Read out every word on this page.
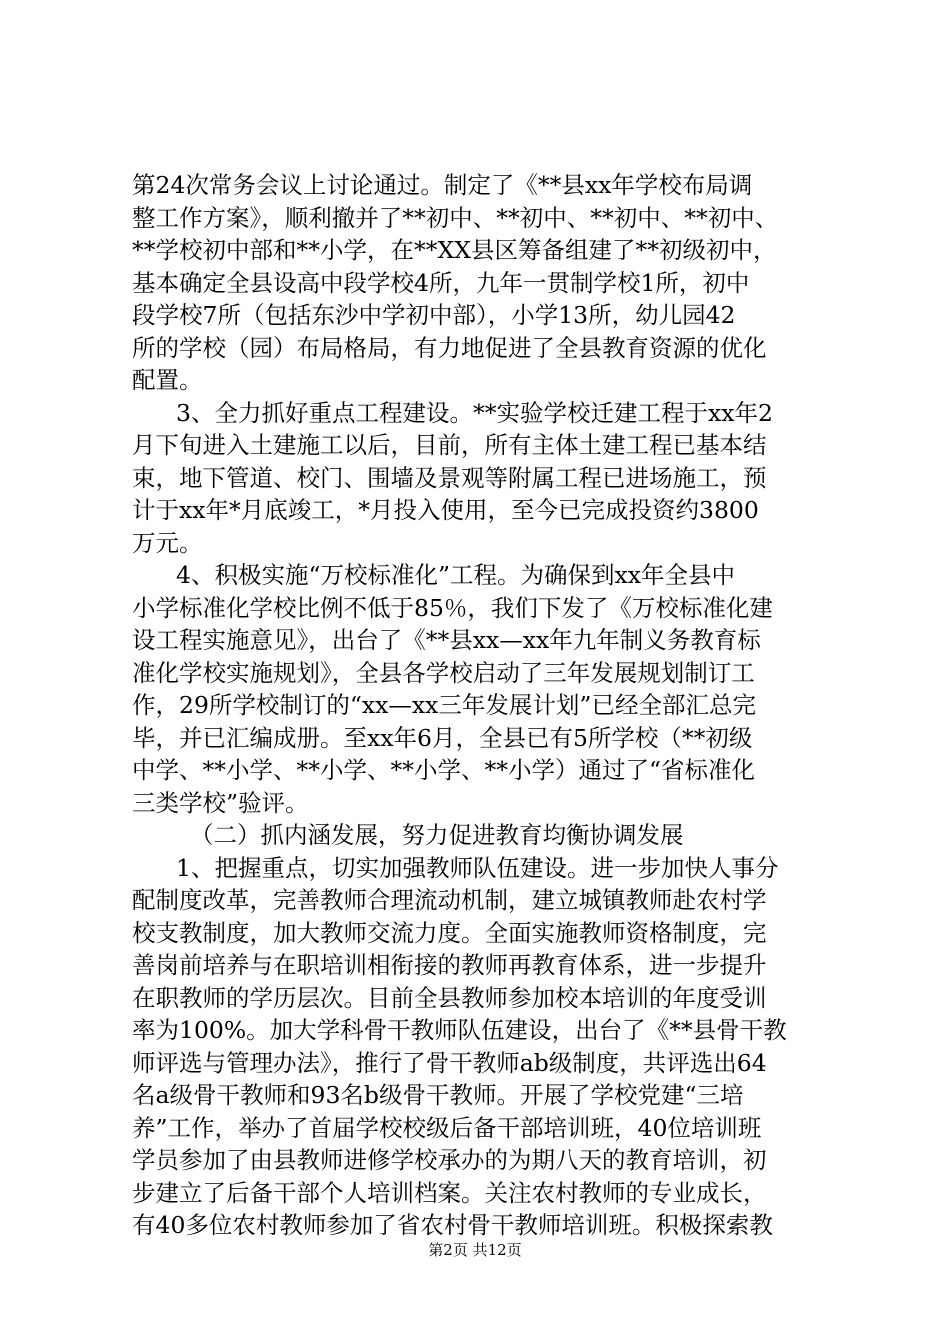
第24次常务会议上讨论通过。制定了《**县xx年学校布局调
整工作方案》，顺利撤并了**初中、**初中、**初中、**初中、
**学校初中部和**小学，在**XX县区筹备组建了**初级初中，
基本确定全县设高中段学校4所，九年一贯制学校1所，初中
段学校7所（包括东沙中学初中部），小学13所，幼儿园42
所的学校（园）布局格局，有力地促进了全县教育资源的优化
配置。
3、全力抓好重点工程建设。**实验学校迁建工程于xx年2
月下旬进入土建施工以后，目前，所有主体土建工程已基本结
束，地下管道、校门、围墙及景观等附属工程已进场施工，预
计于xx年*月底竣工，*月投入使用，至今已完成投资约3800
万元。
4、积极实施“万校标准化”工程。为确保到xx年全县中
小学标准化学校比例不低于85％，我们下发了《万校标准化建
设工程实施意见》，出台了《**县xx—xx年九年制义务教育标
准化学校实施规划》，全县各学校启动了三年发展规划制订工
作，29所学校制订的“xx—xx三年发展计划”已经全部汇总完
毕，并已汇编成册。至xx年6月，全县已有5所学校（**初级
中学、**小学、**小学、**小学、**小学）通过了“省标准化
三类学校”验评。
（二）抓内涵发展，努力促进教育均衡协调发展
1、把握重点，切实加强教师队伍建设。进一步加快人事分
配制度改革，完善教师合理流动机制，建立城镇教师赴农村学
校支教制度，加大教师交流力度。全面实施教师资格制度，完
善岗前培养与在职培训相衔接的教师再教育体系，进一步提升
在职教师的学历层次。目前全县教师参加校本培训的年度受训
率为100%。加大学科骨干教师队伍建设，出台了《**县骨干教
师评选与管理办法》，推行了骨干教师ab级制度，共评选出64
名a级骨干教师和93名b级骨干教师。开展了学校党建“三培
养”工作，举办了首届学校校级后备干部培训班，40位培训班
学员参加了由县教师进修学校承办的为期八天的教育培训，初
步建立了后备干部个人培训档案。关注农村教师的专业成长，
有40多位农村教师参加了省农村骨干教师培训班。积极探索教
第2页 共12页
